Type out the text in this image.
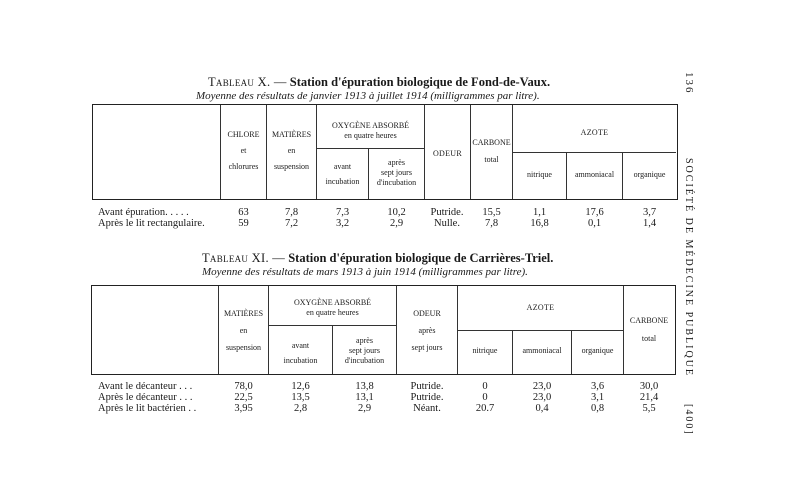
136
SOCIÉTÉ DE MÉDECINE PUBLIQUE
[400]
Tableau X. — Station d'épuration biologique de Fond-de-Vaux.
Moyenne des résultats de janvier 1913 à juillet 1914 (milligrammes par litre).
CHLORE
et
chlorures
MATIÈRES
en
suspension
OXYGÈNE ABSORBÉ
en quatre heures
avant
incubation
après
sept jours
d'incubation
ODEUR
CARBONE
total
AZOTE
nitrique	ammoniacal	organique
Avant épuration. . . . .	63	7,8	7,3	10,2	Putride.	15,5	1,1	17,6	3,7
Après le lit rectangulaire.	59	7,2	3,2	2,9	Nulle.	7,8	16,8	0,1	1,4
Tableau XI. — Station d'épuration biologique de Carrières-Triel.
Moyenne des résultats de mars 1913 à juin 1914 (milligrammes par litre).
MATIÈRES
en
suspension
OXYGÈNE ABSORBÉ
en quatre heures
avant
incubation
après
sept jours
d'incubation
ODEUR
après
sept jours
AZOTE
nitrique	ammoniacal	organique
CARBONE
total
Avant le décanteur . . .	78,0	12,6	13,8	Putride.	0	23,0	3,6	30,0
Après le décanteur . . .	22,5	13,5	13,1	Putride.	0	23,0	3,1	21,4
Après le lit bactérien . .	3,95	2,8	2,9	Néant.	20.7	0,4	0,8	5,5
